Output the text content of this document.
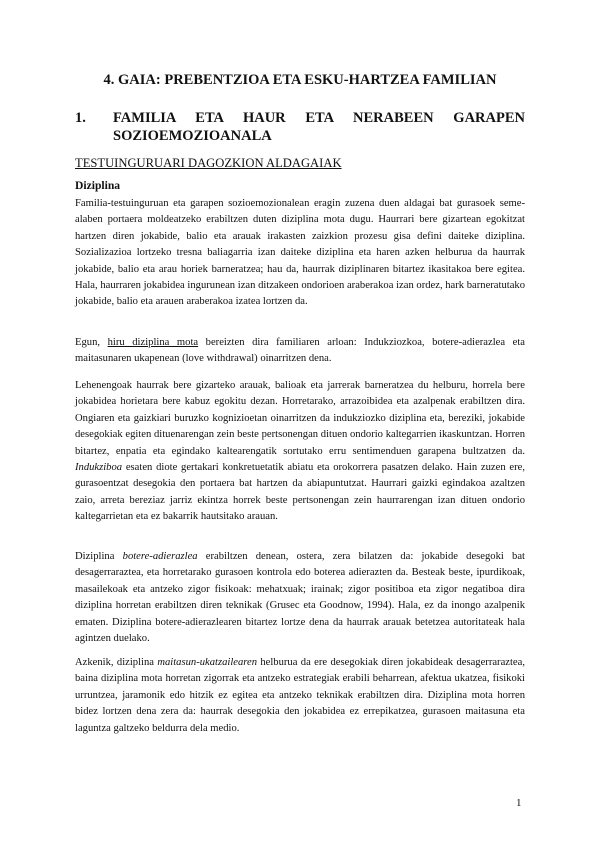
4. GAIA: PREBENTZIOA ETA ESKU-HARTZEA FAMILIAN
1. FAMILIA ETA HAUR ETA NERABEEN GARAPEN
SOZIOEMOZIOANALA
TESTUINGURUARI DAGOZKION ALDAGAIAK
Diziplina

Familia-testuinguruan eta garapen sozioemozionalean eragin zuzena duen aldagai bat gurasoek seme-alaben portaera moldeatzeko erabiltzen duten diziplina mota dugu. Haurrari bere gizartean egokitzat hartzen diren jokabide, balio eta arauak irakasten zaizkion prozesu gisa defini daiteke diziplina. Sozializazioa lortzeko tresna baliagarria izan daiteke diziplina eta haren azken helburua da haurrak jokabide, balio eta arau horiek barneratzea; hau da, haurrak diziplinaren bitartez ikasitakoa bere egitea. Hala, haurraren jokabidea ingurunean izan ditzakeen ondorioen araberakoa izan ordez, hark barneratutako jokabide, balio eta arauen araberakoa izatea lortzen da.

Egun, hiru diziplina mota bereizten dira familiaren arloan: Indukziozkoa, botere-adierazlea eta maitasunaren ukapenean (love withdrawal) oinarritzen dena.

Lehenengoak haurrak bere gizarteko arauak, balioak eta jarrerak barneratzea du helburu, horrela bere jokabidea horietara bere kabuz egokitu dezan. Horretarako, arrazoibidea eta azalpenak erabiltzen dira. Ongiaren eta gaizkiari buruzko kognizioetan oinarritzen da indukziozko diziplina eta, bereziki, jokabide desegokiak egiten dituenarengan zein beste pertsonengan dituen ondorio kaltegarrien ikaskuntzan. Horren bitartez, enpatia eta egindako kaltearengatik sortutako erru sentimenduen garapena bultzatzen da. Indukziboa esaten diote gertakari konkretuetatik abiatu eta orokorrera pasatzen delako. Hain zuzen ere, gurasoentzat desegokia den portaera bat hartzen da abiapuntutzat. Haurrari gaizki egindakoa azaltzen zaio, arreta bereziaz jarriz ekintza horrek beste pertsonengan zein haurrarengan izan dituen ondorio kaltegarrietan eta ez bakarrik hautsitako arauan.

Diziplina botere-adierazlea erabiltzen denean, ostera, zera bilatzen da: jokabide desegoki bat desagerraraztea, eta horretarako gurasoen kontrola edo boterea adierazten da. Besteak beste, ipurdikoak, masailekoak eta antzeko zigor fisikoak: mehatxuak; irainak; zigor positiboa eta zigor negatiboa dira diziplina horretan erabiltzen diren teknikak (Grusec eta Goodnow, 1994). Hala, ez da inongo azalpenik ematen. Diziplina botere-adierazlearen bitartez lortze dena da haurrak arauak betetzea autoritateak hala agintzen duelako.

Azkenik, diziplina maitasun-ukatzailearen helburua da ere desegokiak diren jokabideak desagerraraztea, baina diziplina mota horretan zigorrak eta antzeko estrategiak erabili beharrean, afektua ukatzea, fisikoki urruntzea, jaramonik edo hitzik ez egitea eta antzeko teknikak erabiltzen dira. Diziplina mota horren bidez lortzen dena zera da: haurrak desegokia den jokabidea ez errepikatzea, gurasoen maitasuna eta laguntza galtzeko beldurra dela medio.

1
